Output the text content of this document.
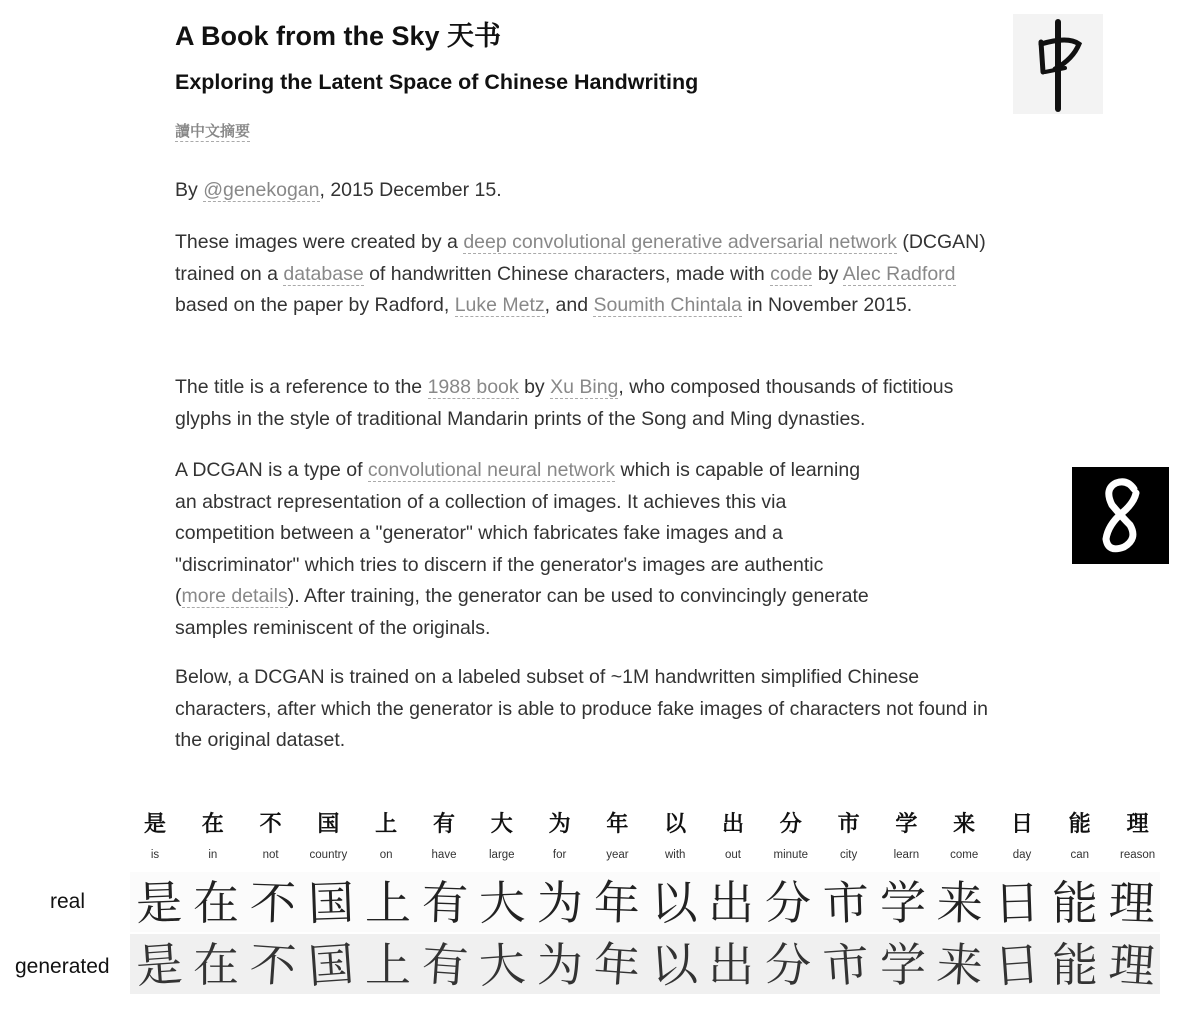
A Book from the Sky 天书
Exploring the Latent Space of Chinese Handwriting
讀中文摘要

By @genekogan, 2015 December 15.

These images were created by a deep convolutional generative adversarial network (DCGAN) trained on a database of handwritten Chinese characters, made with code by Alec Radford based on the paper by Radford, Luke Metz, and Soumith Chintala in November 2015.

The title is a reference to the 1988 book by Xu Bing, who composed thousands of fictitious glyphs in the style of traditional Mandarin prints of the Song and Ming dynasties.

A DCGAN is a type of convolutional neural network which is capable of learning an abstract representation of a collection of images. It achieves this via competition between a "generator" which fabricates fake images and a "discriminator" which tries to discern if the generator's images are authentic (more details). After training, the generator can be used to convincingly generate samples reminiscent of the originals.

Below, a DCGAN is trained on a labeled subset of ~1M handwritten simplified Chinese characters, after which the generator is able to produce fake images of characters not found in the original dataset.

是
is
在
in
不
not
国
country
上
on
有
have
大
large
为
for
年
year
以
with
出
out
分
minute
市
city
学
learn
来
come
日
day
能
can
理
reason
real
generated
是 在 不 国 上 有 大 为 年 以 出 分 市 学 来 日 能 理
是 在 不 国 上 有 大 为 年 以 出 分 市 学 来 日 能 理
